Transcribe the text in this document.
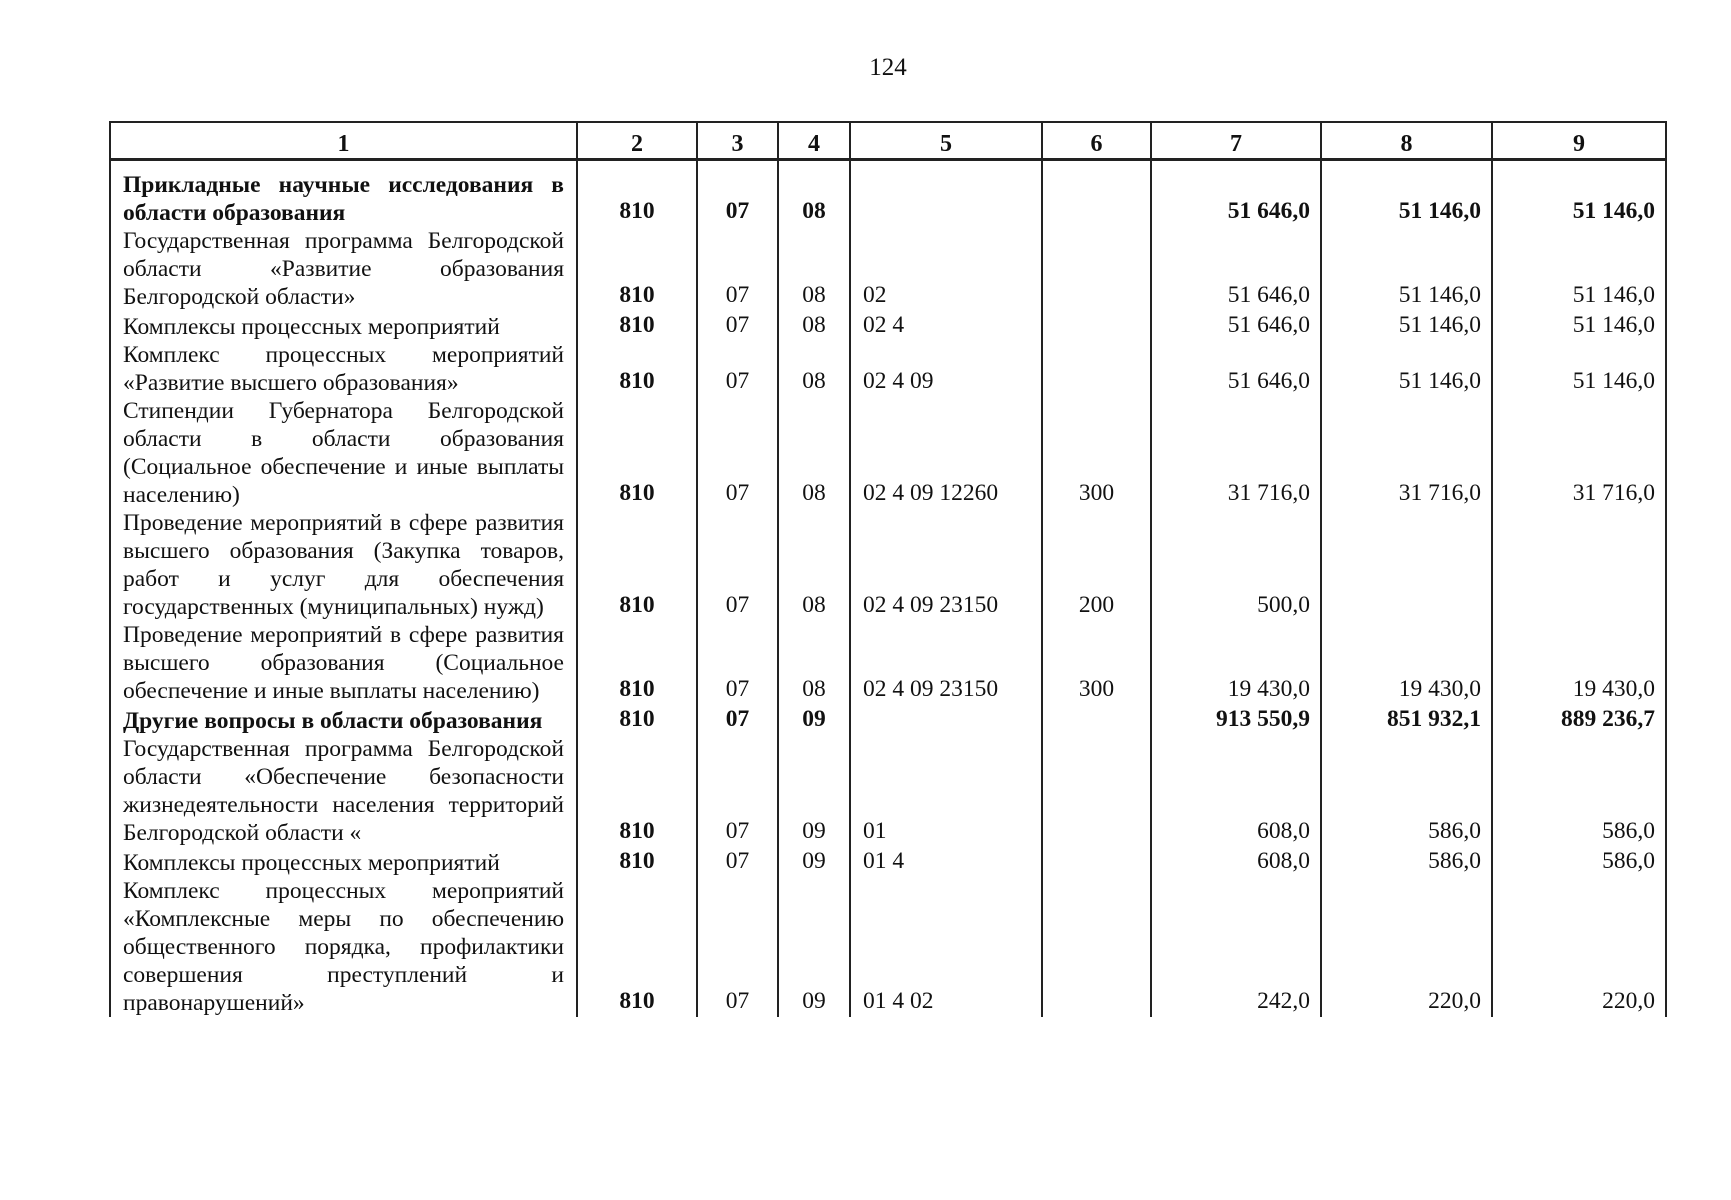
124
1	2	3	4	5	6	7	8	9
Прикладные научные исследования в области образования	810	07	08			51 646,0	51 146,0	51 146,0
Государственная программа Белгородской области «Развитие образования Белгородской области»	810	07	08	02		51 646,0	51 146,0	51 146,0
Комплексы процессных мероприятий	810	07	08	02 4		51 646,0	51 146,0	51 146,0
Комплекс процессных мероприятий «Развитие высшего образования»	810	07	08	02 4 09		51 646,0	51 146,0	51 146,0
Стипендии Губернатора Белгородской области в области образования (Социальное обеспечение и иные выплаты населению)	810	07	08	02 4 09 12260	300	31 716,0	31 716,0	31 716,0
Проведение мероприятий в сфере развития высшего образования (Закупка товаров, работ и услуг для обеспечения государственных (муниципальных) нужд)	810	07	08	02 4 09 23150	200	500,0		
Проведение мероприятий в сфере развития высшего образования (Социальное обеспечение и иные выплаты населению)	810	07	08	02 4 09 23150	300	19 430,0	19 430,0	19 430,0
Другие вопросы в области образования	810	07	09			913 550,9	851 932,1	889 236,7
Государственная программа Белгородской области «Обеспечение безопасности жизнедеятельности населения территорий Белгородской области «	810	07	09	01		608,0	586,0	586,0
Комплексы процессных мероприятий	810	07	09	01 4		608,0	586,0	586,0
Комплекс процессных мероприятий «Комплексные меры по обеспечению общественного порядка, профилактики совершения преступлений и правонарушений»	810	07	09	01 4 02		242,0	220,0	220,0
